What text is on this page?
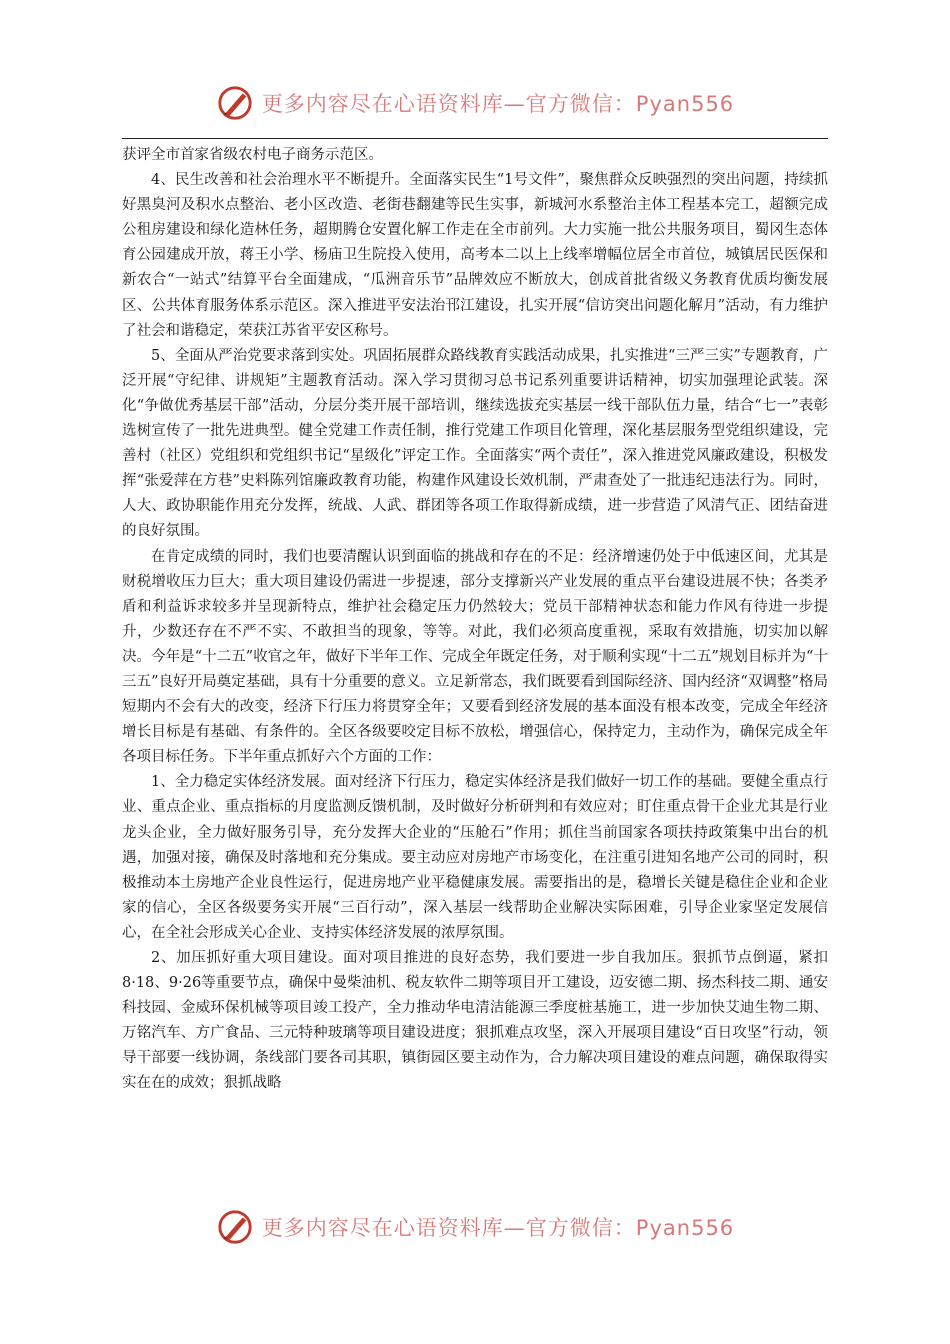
更多内容尽在心语资料库—官方微信：Pyan556

获评全市首家省级农村电子商务示范区。

4、民生改善和社会治理水平不断提升。全面落实民生“1号文件”，聚焦群众反映强烈的突出问题，持续抓好黑臭河及积水点整治、老小区改造、老街巷翻建等民生实事，新城河水系整治主体工程基本完工，超额完成公租房建设和绿化造林任务，超期腾仓安置化解工作走在全市前列。大力实施一批公共服务项目，蜀冈生态体育公园建成开放，蒋王小学、杨庙卫生院投入使用，高考本二以上上线率增幅位居全市首位，城镇居民医保和新农合“一站式”结算平台全面建成，“瓜洲音乐节”品牌效应不断放大，创成首批省级义务教育优质均衡发展区、公共体育服务体系示范区。深入推进平安法治邗江建设，扎实开展“信访突出问题化解月”活动，有力维护了社会和谐稳定，荣获江苏省平安区称号。

5、全面从严治党要求落到实处。巩固拓展群众路线教育实践活动成果，扎实推进“三严三实”专题教育，广泛开展“守纪律、讲规矩”主题教育活动。深入学习贯彻习总书记系列重要讲话精神，切实加强理论武装。深化“争做优秀基层干部”活动，分层分类开展干部培训，继续选拔充实基层一线干部队伍力量，结合“七一”表彰选树宣传了一批先进典型。健全党建工作责任制，推行党建工作项目化管理，深化基层服务型党组织建设，完善村（社区）党组织和党组织书记“星级化”评定工作。全面落实“两个责任”，深入推进党风廉政建设，积极发挥“张爱萍在方巷”史料陈列馆廉政教育功能，构建作风建设长效机制，严肃查处了一批违纪违法行为。同时，人大、政协职能作用充分发挥，统战、人武、群团等各项工作取得新成绩，进一步营造了风清气正、团结奋进的良好氛围。

在肯定成绩的同时，我们也要清醒认识到面临的挑战和存在的不足：经济增速仍处于中低速区间，尤其是财税增收压力巨大；重大项目建设仍需进一步提速，部分支撑新兴产业发展的重点平台建设进展不快；各类矛盾和利益诉求较多并呈现新特点，维护社会稳定压力仍然较大；党员干部精神状态和能力作风有待进一步提升，少数还存在不严不实、不敢担当的现象，等等。对此，我们必须高度重视，采取有效措施，切实加以解决。今年是“十二五”收官之年，做好下半年工作、完成全年既定任务，对于顺利实现“十二五”规划目标并为“十三五”良好开局奠定基础，具有十分重要的意义。立足新常态，我们既要看到国际经济、国内经济“双调整”格局短期内不会有大的改变，经济下行压力将贯穿全年；又要看到经济发展的基本面没有根本改变，完成全年经济增长目标是有基础、有条件的。全区各级要咬定目标不放松，增强信心，保持定力，主动作为，确保完成全年各项目标任务。下半年重点抓好六个方面的工作：

1、全力稳定实体经济发展。面对经济下行压力，稳定实体经济是我们做好一切工作的基础。要健全重点行业、重点企业、重点指标的月度监测反馈机制，及时做好分析研判和有效应对；盯住重点骨干企业尤其是行业龙头企业，全力做好服务引导，充分发挥大企业的“压舱石”作用；抓住当前国家各项扶持政策集中出台的机遇，加强对接，确保及时落地和充分集成。要主动应对房地产市场变化，在注重引进知名地产公司的同时，积极推动本土房地产企业良性运行，促进房地产业平稳健康发展。需要指出的是，稳增长关键是稳住企业和企业家的信心，全区各级要务实开展“三百行动”，深入基层一线帮助企业解决实际困难，引导企业家坚定发展信心，在全社会形成关心企业、支持实体经济发展的浓厚氛围。

2、加压抓好重大项目建设。面对项目推进的良好态势，我们要进一步自我加压。狠抓节点倒逼，紧扣8·18、9·26等重要节点，确保中曼柴油机、税友软件二期等项目开工建设，迈安德二期、扬杰科技二期、通安科技园、金威环保机械等项目竣工投产，全力推动华电清洁能源三季度桩基施工，进一步加快艾迪生物二期、万铭汽车、方广食品、三元特种玻璃等项目建设进度；狠抓难点攻坚，深入开展项目建设“百日攻坚”行动，领导干部要一线协调，条线部门要各司其职，镇街园区要主动作为，合力解决项目建设的难点问题，确保取得实实在在的成效；狠抓战略

更多内容尽在心语资料库—官方微信：Pyan556
